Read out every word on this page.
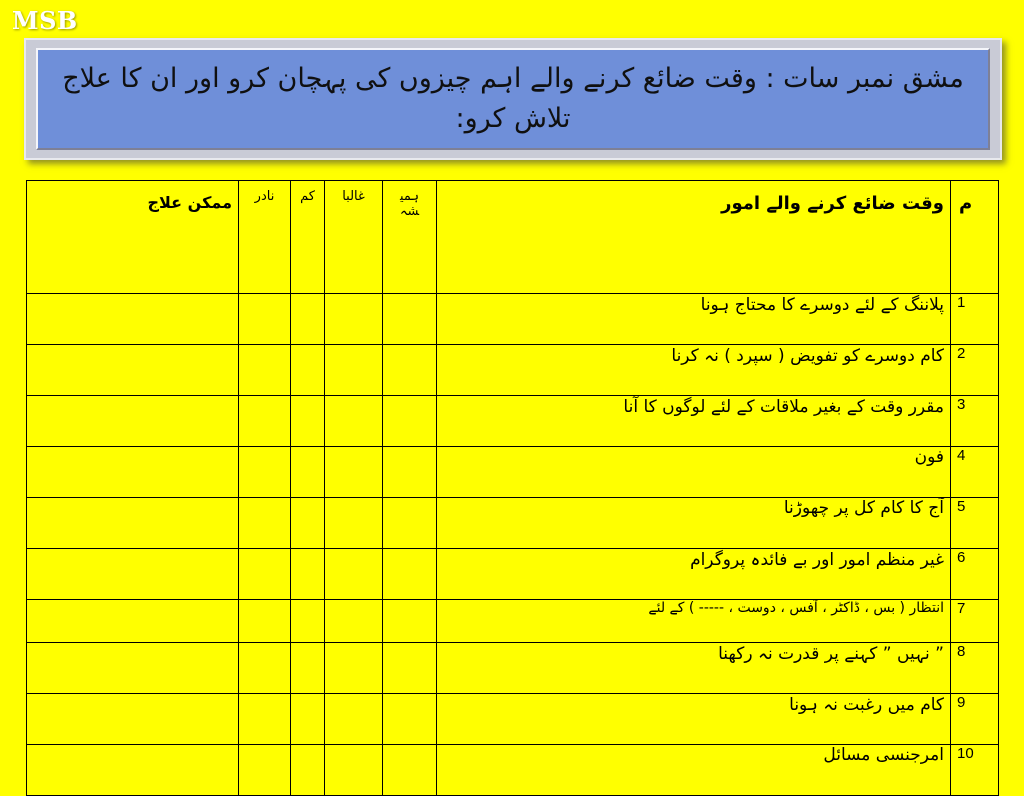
MSB

مشق نمبر سات : وقت ضائع کرنے والے اہم چیزوں کی پہچان کرو اور ان کا علاج تلاش کرو:

م	وقت ضائع کرنے والے امور	ہمیشہ	غالبا	کم	نادر	ممکن علاج
1	پلاننگ کے لئے دوسرے کا محتاج ہونا					
2	کام دوسرے کو تفویض ( سپرد ) نہ کرنا					
3	مقرر وقت کے بغیر ملاقات کے لئے لوگوں کا آنا					
4	فون					
5	آج کا کام کل پر چھوڑنا					
6	غیر منظم امور اور بے فائدہ پروگرام					
7	انتظار ( بس ، ڈاکٹر ، آفس ، دوست ، ----- ) کے لئے					
8	” نہیں ” کہنے پر قدرت نہ رکھنا					
9	کام میں رغبت نہ ہونا					
10	امرجنسی مسائل					
